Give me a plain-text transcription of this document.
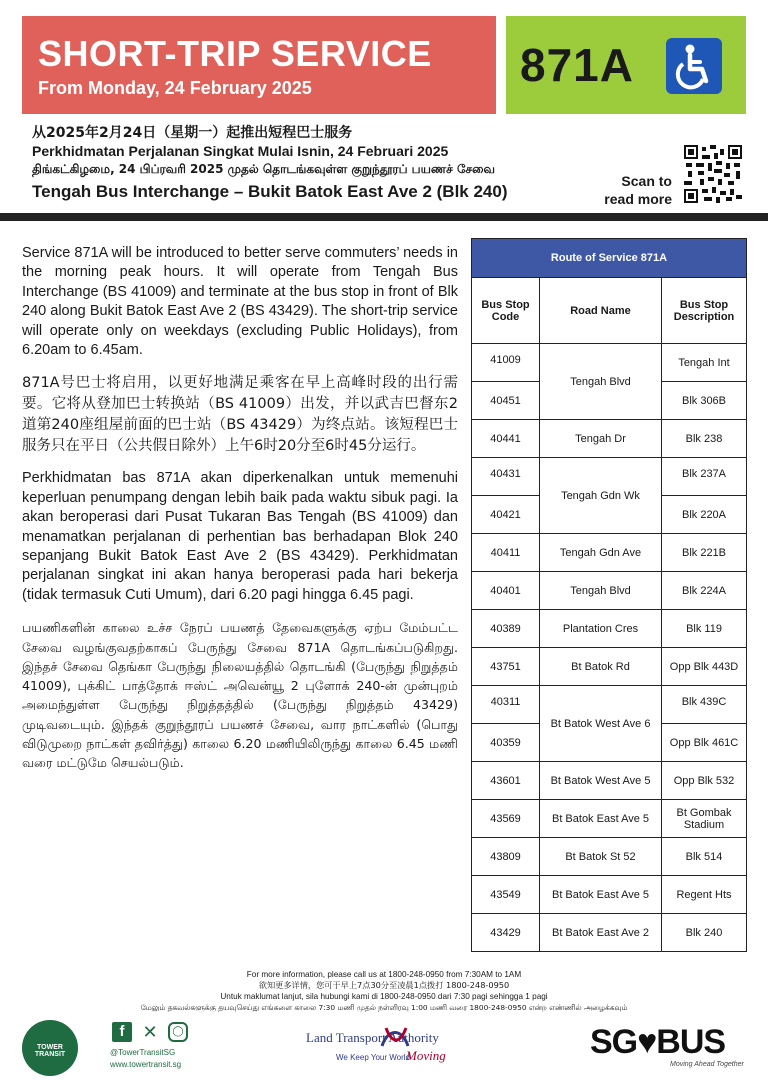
SHORT-TRIP SERVICE
From Monday, 24 February 2025	871A
从2025年2月24日（星期一）起推出短程巴士服务
Perkhidmatan Perjalanan Singkat Mulai Isnin, 24 Februari 2025
திங்கட்கிழமை, 24 பிப்ரவரி 2025 முதல் தொடங்கவுள்ள குறுந்தூரப் பயணச் சேவை
Tengah Bus Interchange – Bukit Batok East Ave 2 (Blk 240)
Scan to
read more

Service 871A will be introduced to better serve commuters’ needs in the morning peak hours. It will operate from Tengah Bus Interchange (BS 41009) and terminate at the bus stop in front of Blk 240 along Bukit Batok East Ave 2 (BS 43429). The short-trip service will operate only on weekdays (excluding Public Holidays), from 6.20am to 6.45am.

871A号巴士将启用，以更好地满足乘客在早上高峰时段的出行需要。它将从登加巴士转换站（BS 41009）出发，并以武吉巴督东2道第240座组屋前面的巴士站（BS 43429）为终点站。该短程巴士服务只在平日（公共假日除外）上午6时20分至6时45分运行。

Perkhidmatan bas 871A akan diperkenalkan untuk memenuhi keperluan penumpang dengan lebih baik pada waktu sibuk pagi. Ia akan beroperasi dari Pusat Tukaran Bas Tengah (BS 41009) dan menamatkan perjalanan di perhentian bas berhadapan Blok 240 sepanjang Bukit Batok East Ave 2 (BS 43429). Perkhidmatan perjalanan singkat ini akan hanya beroperasi pada hari bekerja (tidak termasuk Cuti Umum), dari 6.20 pagi hingga 6.45 pagi.

பயணிகளின் காலை உச்ச நேரப் பயணத் தேவைகளுக்கு ஏற்ப மேம்பட்ட சேவை வழங்குவதற்காகப் பேருந்து சேவை 871A தொடங்கப்படுகிறது. இந்தச் சேவை தெங்கா பேருந்து நிலையத்தில் தொடங்கி (பேருந்து நிறுத்தம் 41009), புக்கிட் பாத்தோக் ஈஸ்ட் அவென்யூ 2 புளோக் 240-ன் முன்புறம் அமைந்துள்ள பேருந்து நிறுத்தத்தில் (பேருந்து நிறுத்தம் 43429) முடிவடையும். இந்தக் குறுந்தூரப் பயணச் சேவை, வார நாட்களில் (பொது விடுமுறை நாட்கள் தவிர்த்து) காலை 6.20 மணியிலிருந்து காலை 6.45 மணி வரை மட்டுமே செயல்படும்.

Route of Service 871A		
Bus Stop Code	Road Name	Bus Stop Description
41009	Tengah Blvd	Tengah Int
40451		Blk 306B
40441	Tengah Dr	Blk 238
40431	Tengah Gdn Wk	Blk 237A
40421		Blk 220A
40411	Tengah Gdn Ave	Blk 221B
40401	Tengah Blvd	Blk 224A
40389	Plantation Cres	Blk 119
43751	Bt Batok Rd	Opp Blk 443D
40311	Bt Batok West Ave 6	Blk 439C
40359		Opp Blk 461C
43601	Bt Batok West Ave 5	Opp Blk 532
43569	Bt Batok East Ave 5	Bt Gombak Stadium
43809	Bt Batok St 52	Blk 514
43549	Bt Batok East Ave 5	Regent Hts
43429	Bt Batok East Ave 2	Blk 240
For more information, please call us at 1800-248-0950 from 7:30AM to 1AM
欲知更多详情，您可于早上7点30分至凌晨1点拨打 1800-248-0950
Untuk maklumat lanjut, sila hubungi kami di 1800-248-0950 dari 7:30 pagi sehingga 1 pagi
மேலும் தகவல்களுக்கு தயவுசெய்து எங்களை காலை 7:30 மணி முதல் நள்ளிரவு 1:00 மணி வரை 1800-248-0950 என்ற எண்ணில் அழைக்கவும்
TOWER TRANSIT
f ✕	◯
@TowerTransitSG
www.towertransit.sg
Land Transport Authority
We Keep Your World
Moving	SG♥BUS
Moving Ahead Together
